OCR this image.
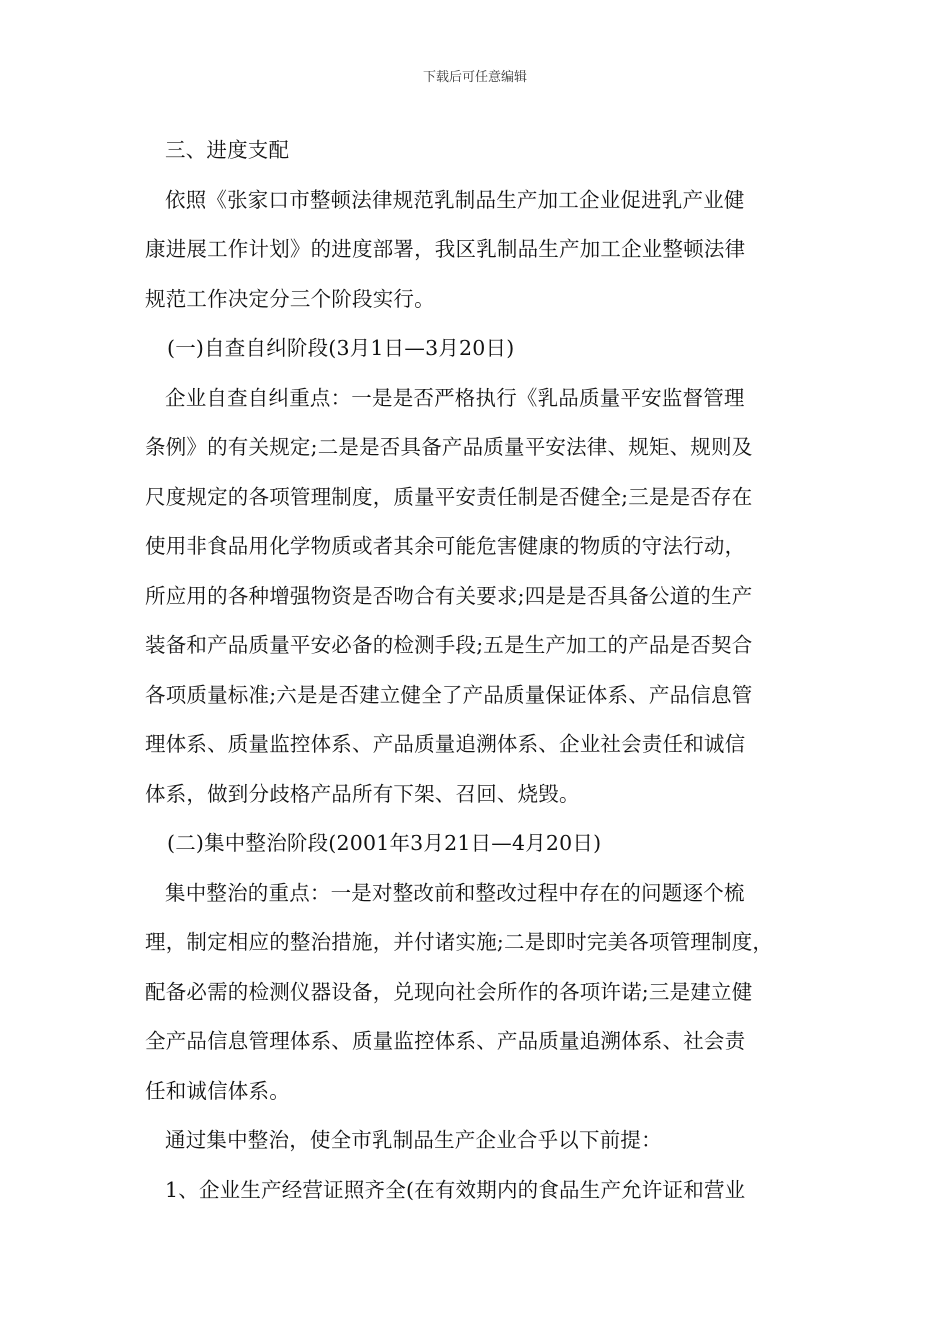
下载后可任意编辑
三、进度支配
依照《张家口市整顿法律规范乳制品生产加工企业促进乳产业健
康进展工作计划》的进度部署，我区乳制品生产加工企业整顿法律
规范工作决定分三个阶段实行。
(一)自查自纠阶段(3月1日—3月20日)
企业自查自纠重点：一是是否严格执行《乳品质量平安监督管理
条例》的有关规定;二是是否具备产品质量平安法律、规矩、规则及
尺度规定的各项管理制度，质量平安责任制是否健全;三是是否存在
使用非食品用化学物质或者其余可能危害健康的物质的守法行动，
所应用的各种增强物资是否吻合有关要求;四是是否具备公道的生产
装备和产品质量平安必备的检测手段;五是生产加工的产品是否契合
各项质量标准;六是是否建立健全了产品质量保证体系、产品信息管
理体系、质量监控体系、产品质量追溯体系、企业社会责任和诚信
体系，做到分歧格产品所有下架、召回、烧毁。
(二)集中整治阶段(2001年3月21日—4月20日)
集中整治的重点：一是对整改前和整改过程中存在的问题逐个梳
理，制定相应的整治措施，并付诸实施;二是即时完美各项管理制度，
配备必需的检测仪器设备，兑现向社会所作的各项许诺;三是建立健
全产品信息管理体系、质量监控体系、产品质量追溯体系、社会责
任和诚信体系。
通过集中整治，使全市乳制品生产企业合乎以下前提：
1、企业生产经营证照齐全(在有效期内的食品生产允许证和营业
